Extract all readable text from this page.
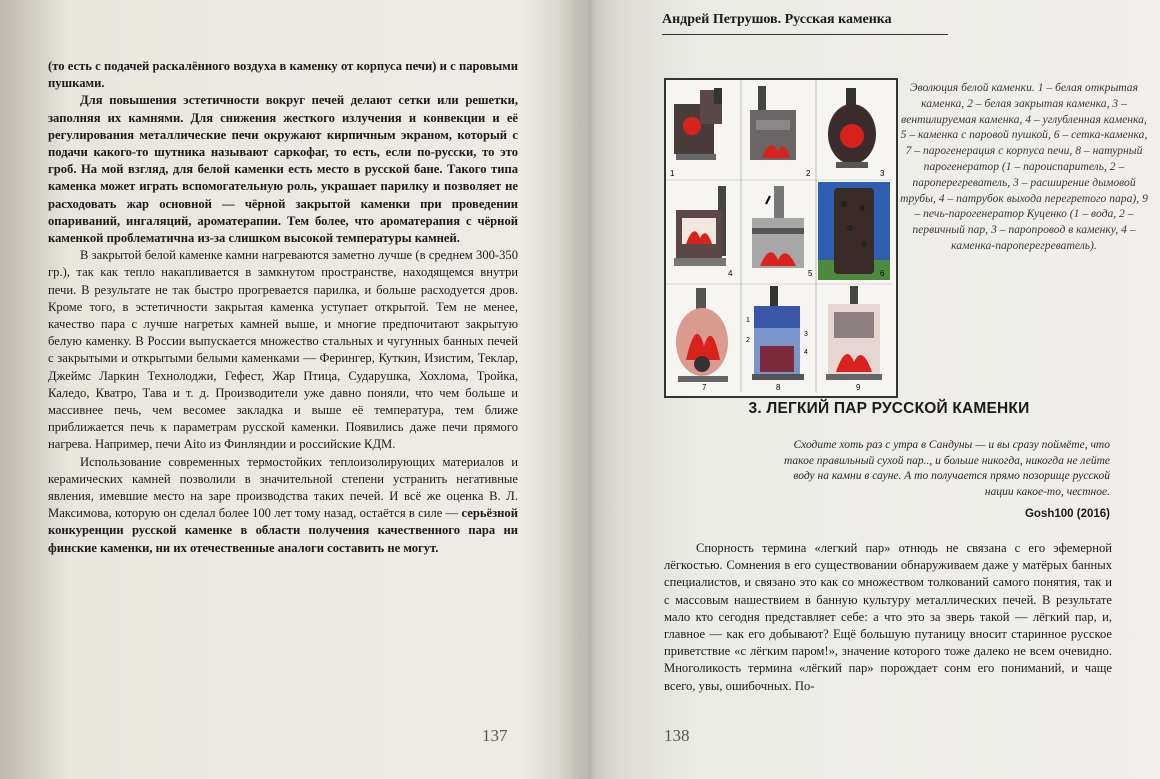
(то есть с подачей раскалённого воздуха в каменку от корпуса печи) и с паровыми пушками.

Для повышения эстетичности вокруг печей делают сетки или решетки, заполняя их камнями. Для снижения жесткого излучения и конвекции и её регулирования металлические печи окружают кирпичным экраном, который с подачи какого-то шутника называют саркофаг, то есть, если по-русски, то это гроб. На мой взгляд, для белой каменки есть место в русской бане. Такого типа каменка может играть вспомогательную роль, украшает парилку и позволяет не расходовать жар основной — чёрной закрытой каменки при проведении опариваний, ингаляций, ароматерапии. Тем более, что ароматерапия с чёрной каменкой проблематична из-за слишком высокой температуры камней.

В закрытой белой каменке камни нагреваются заметно лучше (в среднем 300-350 гр.), так как тепло накапливается в замкнутом пространстве, находящемся внутри печи. В результате не так быстро прогревается парилка, и больше расходуется дров. Кроме того, в эстетичности закрытая каменка уступает открытой. Тем не менее, качество пара с лучше нагретых камней выше, и многие предпочитают закрытую белую каменку. В России выпускается множество стальных и чугунных банных печей с закрытыми и открытыми белыми каменками — Ферингер, Куткин, Изистим, Теклар, Джеймс Ларкин Технолоджи, Гефест, Жар Птица, Сударушка, Хохлома, Тройка, Каледо, Кватро, Тава и т. д. Производители уже давно поняли, что чем больше и массивнее печь, чем весомее закладка и выше её температура, тем ближе приближается печь к параметрам русской каменки. Появились даже печи прямого нагрева. Например, печи Aito из Финляндии и российские КДМ.

Использование современных термостойких теплоизолирующих материалов и керамических камней позволили в значительной степени устранить негативные явления, имевшие место на заре производства таких печей. И всё же оценка В. Л. Максимова, которую он сделал более 100 лет тому назад, остаётся в силе — серьёзной конкуренции русской каменке в области получения качественного пара ни финские каменки, ни их отечественные аналоги составить не могут.

137
Андрей Петрушов. Русская каменка
1	2	3
4	5	6
7
1
2
3
4
8	9
Эволюция белой каменки. 1 – белая открытая каменка, 2 – белая закрытая каменка, 3 – вентилируемая каменка, 4 – углубленная каменка, 5 – каменка с паровой пушкой, 6 – сетка-каменка, 7 – парогенерация с корпуса печи, 8 – натурный парогенератор (1 – пароиспаритель, 2 – пароперегреватель, 3 – расширение дымовой трубы, 4 – патрубок выхода перегретого пара), 9 – печь-парогенератор Куценко (1 – вода, 2 – первичный пар, 3 – паропровод в каменку, 4 – каменка-пароперегреватель).
3. ЛЕГКИЙ ПАР РУССКОЙ КАМЕНКИ
Сходите хоть раз с утра в Сандуны — и вы сразу поймёте, что такое правильный сухой пар.., и больше никогда, никогда не лейте воду на камни в сауне. А то получается прямо позорище русской нации какое-то, честное.
Gosh100 (2016)

Спорность термина «легкий пар» отнюдь не связана с его эфемерной лёгкостью. Сомнения в его существовании обнаруживаем даже у матёрых банных специалистов, и связано это как со множеством толкований самого понятия, так и с массовым нашествием в банную культуру металлических печей. В результате мало кто сегодня представляет себе: а что это за зверь такой — лёгкий пар, и, главное — как его добывают? Ещё большую путаницу вносит старинное русское приветствие «с лёгким паром!», значение которого тоже далеко не всем очевидно. Многоликость термина «лёгкий пар» порождает сонм его пониманий, и чаще всего, увы, ошибочных. По-

138
